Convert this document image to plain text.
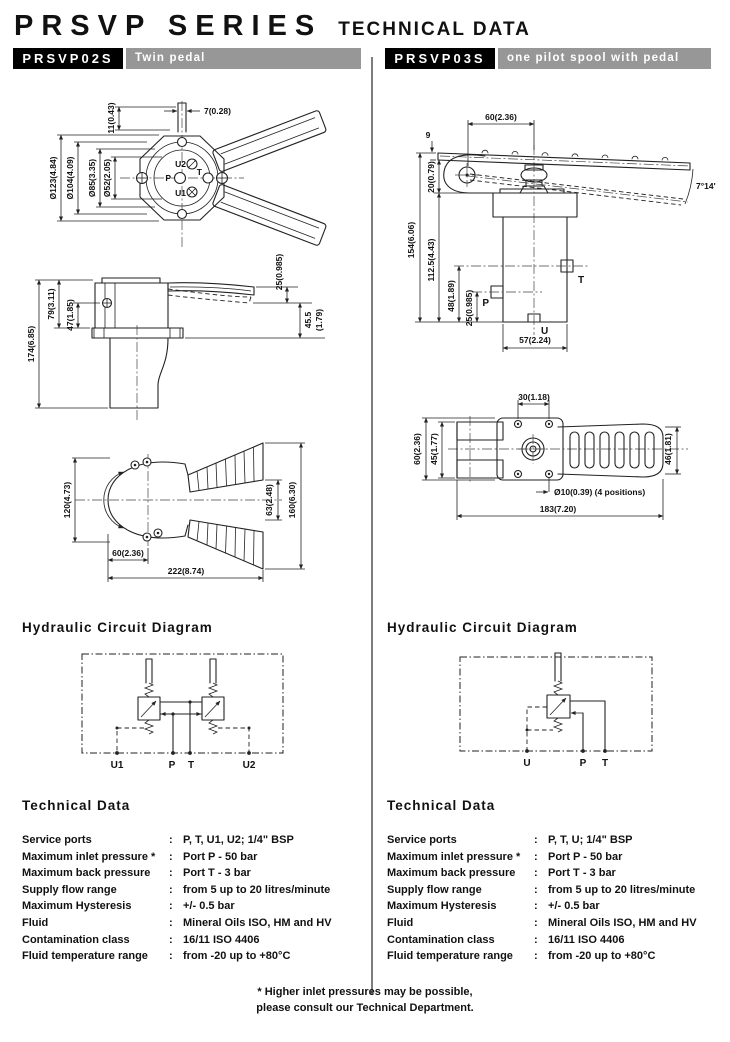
PRSVP SERIES TECHNICAL DATA
PRSVP02S	Twin pedal	PRSVP03S	one pilot spool with pedal
U2
P
T
U1
Ø123(4.84) Ø104(4.09) Ø85(3.35) Ø52(2.05)
11(0.43)	7(0.28)
174(6.85)
79(3.11) 47(1.85)
25(0.985)
45.5 (1.79)
120(4.73)
60(2.36)
222(8.74)
63(2.48) 160(6.30)
7°14'
T
P
U
60(2.36)
9
20(0.79)
112.5(4.43)
154(6.06)
48(1.89) 25(0.985)
57(2.24)
30(1.18)
60(2.36) 45(1.77)	46(1.81)
Ø10(0.39) (4 positions)
183(7.20)
Hydraulic Circuit Diagram
U1	P T	U2
Hydraulic Circuit Diagram
U	P T
Technical Data
Service ports	: P, T, U1, U2; 1/4" BSP
Maximum inlet pressure *	: Port P - 50 bar
Maximum back pressure	: Port T - 3 bar
Supply flow range	: from 5 up to 20 litres/minute
Maximum Hysteresis	: +/- 0.5 bar
Fluid	: Mineral Oils ISO, HM and HV
Contamination class	: 16/11 ISO 4406
Fluid temperature range	: from -20 up to +80°C
Technical Data
Service ports	: P, T, U; 1/4" BSP
Maximum inlet pressure *	: Port P - 50 bar
Maximum back pressure	: Port T - 3 bar
Supply flow range	: from 5 up to 20 litres/minute
Maximum Hysteresis	: +/- 0.5 bar
Fluid	: Mineral Oils ISO, HM and HV
Contamination class	: 16/11 ISO 4406
Fluid temperature range	: from -20 up to +80°C
* Higher inlet pressures may be possible,
please consult our Technical Department.
